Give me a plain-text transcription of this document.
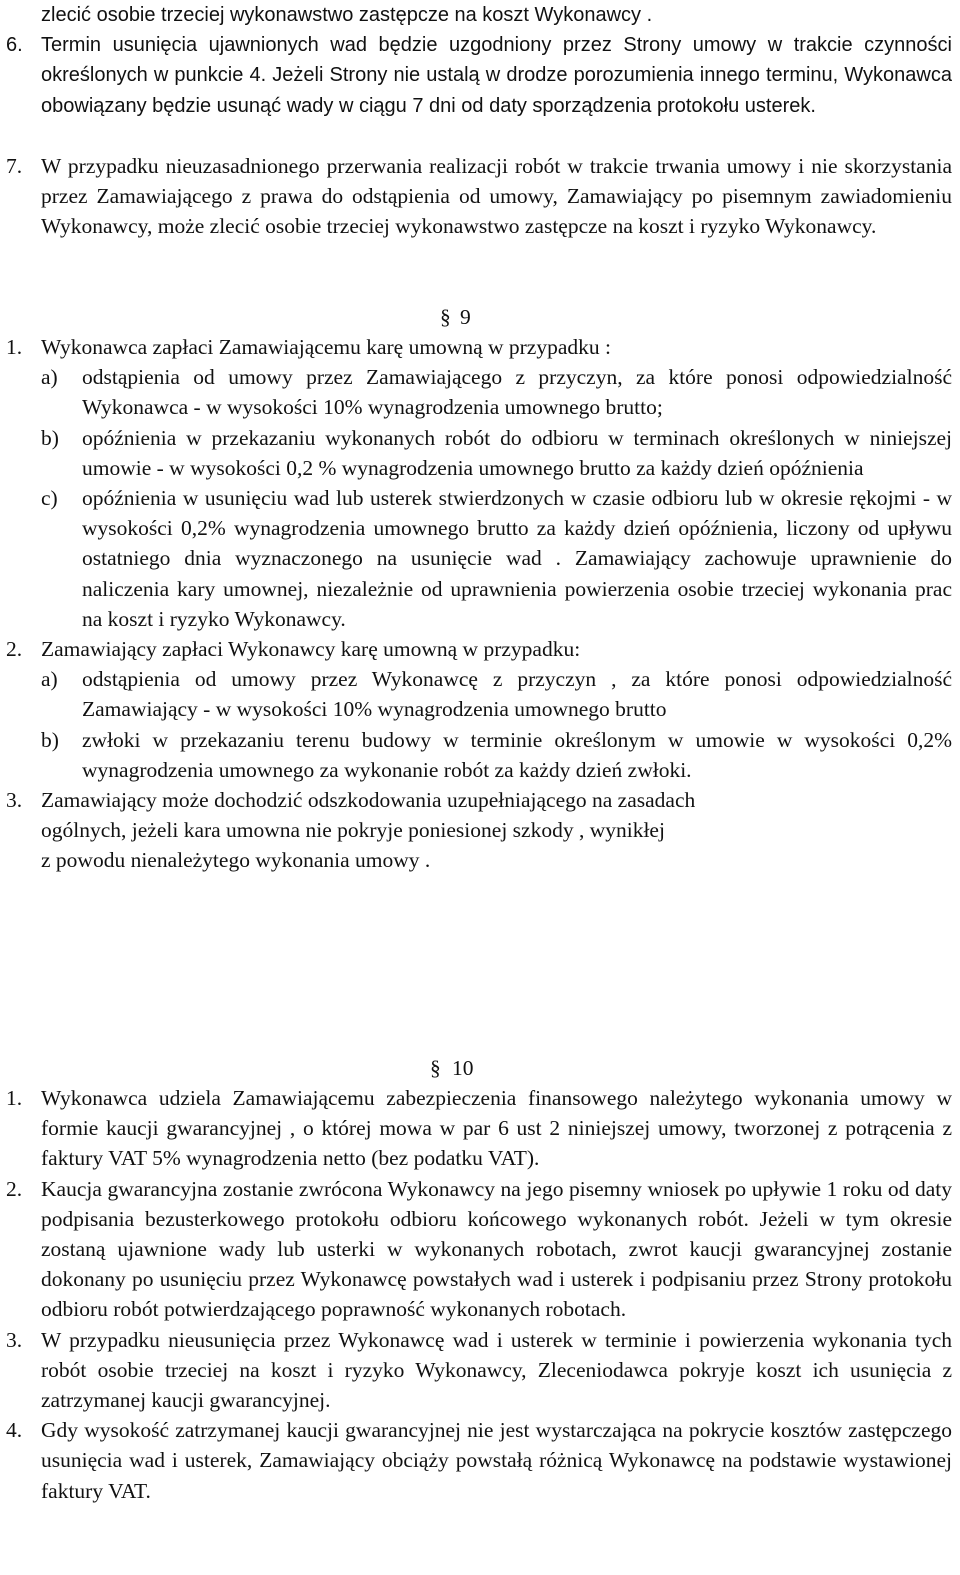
zlecić osobie trzeciej wykonawstwo zastępcze na koszt Wykonawcy .
6. Termin usunięcia ujawnionych wad będzie uzgodniony przez Strony umowy w trakcie czynności określonych w punkcie 4. Jeżeli Strony nie ustalą w drodze porozumienia innego terminu, Wykonawca obowiązany będzie usunąć wady w ciągu 7 dni od daty sporządzenia protokołu usterek.
7. W przypadku nieuzasadnionego przerwania realizacji robót w trakcie trwania umowy i nie skorzystania przez Zamawiającego z prawa do odstąpienia od umowy, Zamawiający po pisemnym zawiadomieniu Wykonawcy, może zlecić osobie trzeciej wykonawstwo zastępcze na koszt i ryzyko Wykonawcy.
§ 9
1. Wykonawca zapłaci Zamawiającemu karę umowną w przypadku :
a) odstąpienia od umowy przez Zamawiającego z przyczyn, za które ponosi odpowiedzialność Wykonawca - w wysokości 10% wynagrodzenia umownego brutto;
b) opóźnienia w przekazaniu wykonanych robót do odbioru w terminach określonych w niniejszej umowie - w wysokości 0,2 % wynagrodzenia umownego brutto za każdy dzień opóźnienia
c) opóźnienia w usunięciu wad lub usterek stwierdzonych w czasie odbioru lub w okresie rękojmi - w wysokości 0,2% wynagrodzenia umownego brutto za każdy dzień opóźnienia, liczony od upływu ostatniego dnia wyznaczonego na usunięcie wad . Zamawiający zachowuje uprawnienie do naliczenia kary umownej, niezależnie od uprawnienia powierzenia osobie trzeciej wykonania prac na koszt i ryzyko Wykonawcy.
2. Zamawiający zapłaci Wykonawcy karę umowną w przypadku:
a) odstąpienia od umowy przez Wykonawcę z przyczyn , za które ponosi odpowiedzialność Zamawiający - w wysokości 10% wynagrodzenia umownego brutto
b) zwłoki w przekazaniu terenu budowy w terminie określonym w umowie w wysokości 0,2% wynagrodzenia umownego za wykonanie robót za każdy dzień zwłoki.
3. Zamawiający może dochodzić odszkodowania uzupełniającego na zasadach
ogólnych, jeżeli kara umowna nie pokryje poniesionej szkody , wynikłej
z powodu nienależytego wykonania umowy .
§ 10
1. Wykonawca udziela Zamawiającemu zabezpieczenia finansowego należytego wykonania umowy w formie kaucji gwarancyjnej , o której mowa w par 6 ust 2 niniejszej umowy, tworzonej z potrącenia z faktury VAT 5% wynagrodzenia netto (bez podatku VAT).
2. Kaucja gwarancyjna zostanie zwrócona Wykonawcy na jego pisemny wniosek po upływie 1 roku od daty podpisania bezusterkowego protokołu odbioru końcowego wykonanych robót. Jeżeli w tym okresie zostaną ujawnione wady lub usterki w wykonanych robotach, zwrot kaucji gwarancyjnej zostanie dokonany po usunięciu przez Wykonawcę powstałych wad i usterek i podpisaniu przez Strony protokołu odbioru robót potwierdzającego poprawność wykonanych robotach.
3. W przypadku nieusunięcia przez Wykonawcę wad i usterek w terminie i powierzenia wykonania tych robót osobie trzeciej na koszt i ryzyko Wykonawcy, Zleceniodawca pokryje koszt ich usunięcia z zatrzymanej kaucji gwarancyjnej.
4. Gdy wysokość zatrzymanej kaucji gwarancyjnej nie jest wystarczająca na pokrycie kosztów zastępczego usunięcia wad i usterek, Zamawiający obciąży powstałą różnicą Wykonawcę na podstawie wystawionej faktury VAT.
